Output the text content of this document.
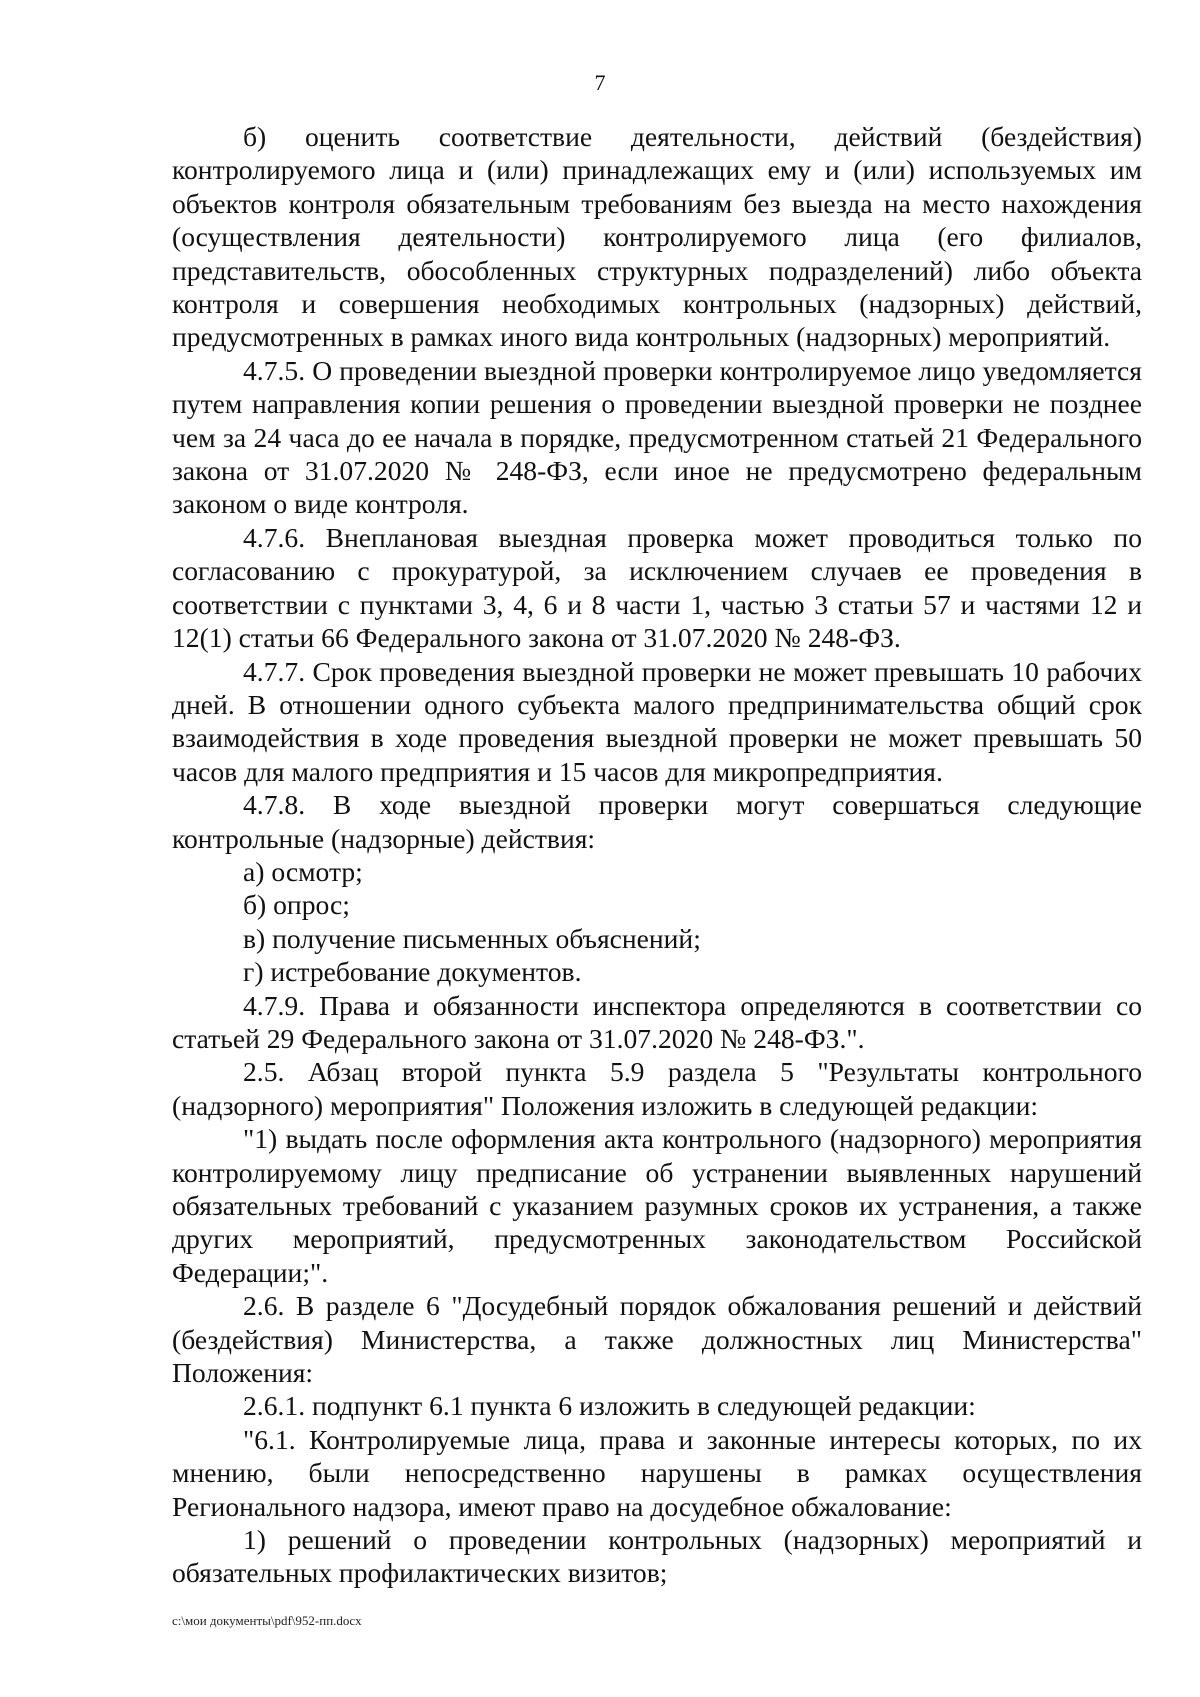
7

б) оценить соответствие деятельности, действий (бездействия) контролируемого лица и (или) принадлежащих ему и (или) используемых им объектов контроля обязательным требованиям без выезда на место нахождения (осуществления деятельности) контролируемого лица (его филиалов, представительств, обособленных структурных подразделений) либо объекта контроля и совершения необходимых контрольных (надзорных) действий, предусмотренных в рамках иного вида контрольных (надзорных) мероприятий.

4.7.5. О проведении выездной проверки контролируемое лицо уведомляется путем направления копии решения о проведении выездной проверки не позднее чем за 24 часа до ее начала в порядке, предусмотренном статьей 21 Федерального закона от 31.07.2020 № 248-ФЗ, если иное не предусмотрено федеральным законом о виде контроля.

4.7.6. Внеплановая выездная проверка может проводиться только по согласованию с прокуратурой, за исключением случаев ее проведения в соответствии с пунктами 3, 4, 6 и 8 части 1, частью 3 статьи 57 и частями 12 и 12(1) статьи 66 Федерального закона от 31.07.2020 № 248-ФЗ.

4.7.7. Срок проведения выездной проверки не может превышать 10 рабочих дней. В отношении одного субъекта малого предпринимательства общий срок взаимодействия в ходе проведения выездной проверки не может превышать 50 часов для малого предприятия и 15 часов для микропредприятия.

4.7.8. В ходе выездной проверки могут совершаться следующие контрольные (надзорные) действия:

а) осмотр;

б) опрос;

в) получение письменных объяснений;

г) истребование документов.

4.7.9. Права и обязанности инспектора определяются в соответствии со статьей 29 Федерального закона от 31.07.2020 № 248-ФЗ.".

2.5. Абзац второй пункта 5.9 раздела 5 "Результаты контрольного (надзорного) мероприятия" Положения изложить в следующей редакции:

"1) выдать после оформления акта контрольного (надзорного) мероприятия контролируемому лицу предписание об устранении выявленных нарушений обязательных требований с указанием разумных сроков их устранения, а также других мероприятий, предусмотренных законодательством Российской Федерации;".

2.6. В разделе 6 "Досудебный порядок обжалования решений и действий (бездействия) Министерства, а также должностных лиц Министерства" Положения:

2.6.1. подпункт 6.1 пункта 6 изложить в следующей редакции:

"6.1. Контролируемые лица, права и законные интересы которых, по их мнению, были непосредственно нарушены в рамках осуществления Регионального надзора, имеют право на досудебное обжалование:

1) решений о проведении контрольных (надзорных) мероприятий и обязательных профилактических визитов;

c:\мои документы\pdf\952-пп.docx
